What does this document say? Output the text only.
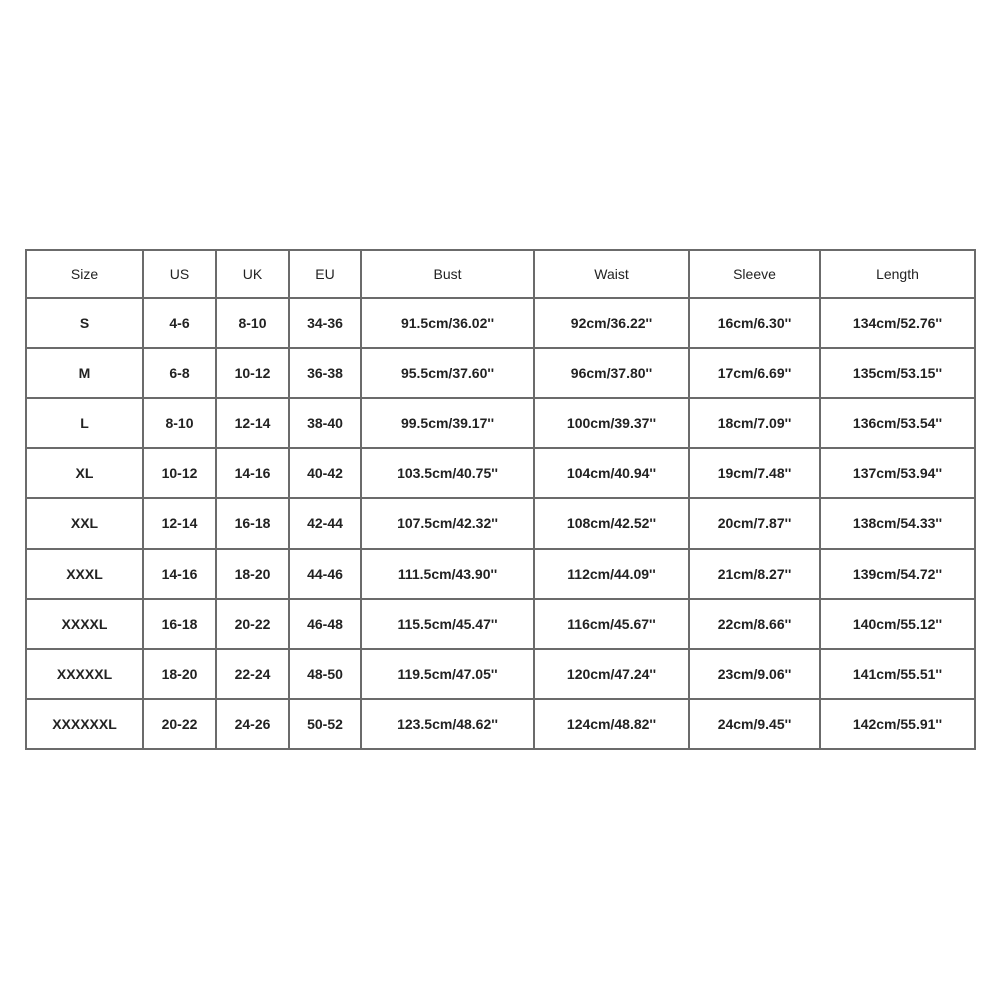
Size	US	UK	EU	Bust	Waist	Sleeve	Length
S	4-6	8-10	34-36	91.5cm/36.02''	92cm/36.22''	16cm/6.30''	134cm/52.76''
M	6-8	10-12	36-38	95.5cm/37.60''	96cm/37.80''	17cm/6.69''	135cm/53.15''
L	8-10	12-14	38-40	99.5cm/39.17''	100cm/39.37''	18cm/7.09''	136cm/53.54''
XL	10-12	14-16	40-42	103.5cm/40.75''	104cm/40.94''	19cm/7.48''	137cm/53.94''
XXL	12-14	16-18	42-44	107.5cm/42.32''	108cm/42.52''	20cm/7.87''	138cm/54.33''
XXXL	14-16	18-20	44-46	111.5cm/43.90''	112cm/44.09''	21cm/8.27''	139cm/54.72''
XXXXL	16-18	20-22	46-48	115.5cm/45.47''	116cm/45.67''	22cm/8.66''	140cm/55.12''
XXXXXL	18-20	22-24	48-50	119.5cm/47.05''	120cm/47.24''	23cm/9.06''	141cm/55.51''
XXXXXXL	20-22	24-26	50-52	123.5cm/48.62''	124cm/48.82''	24cm/9.45''	142cm/55.91''
